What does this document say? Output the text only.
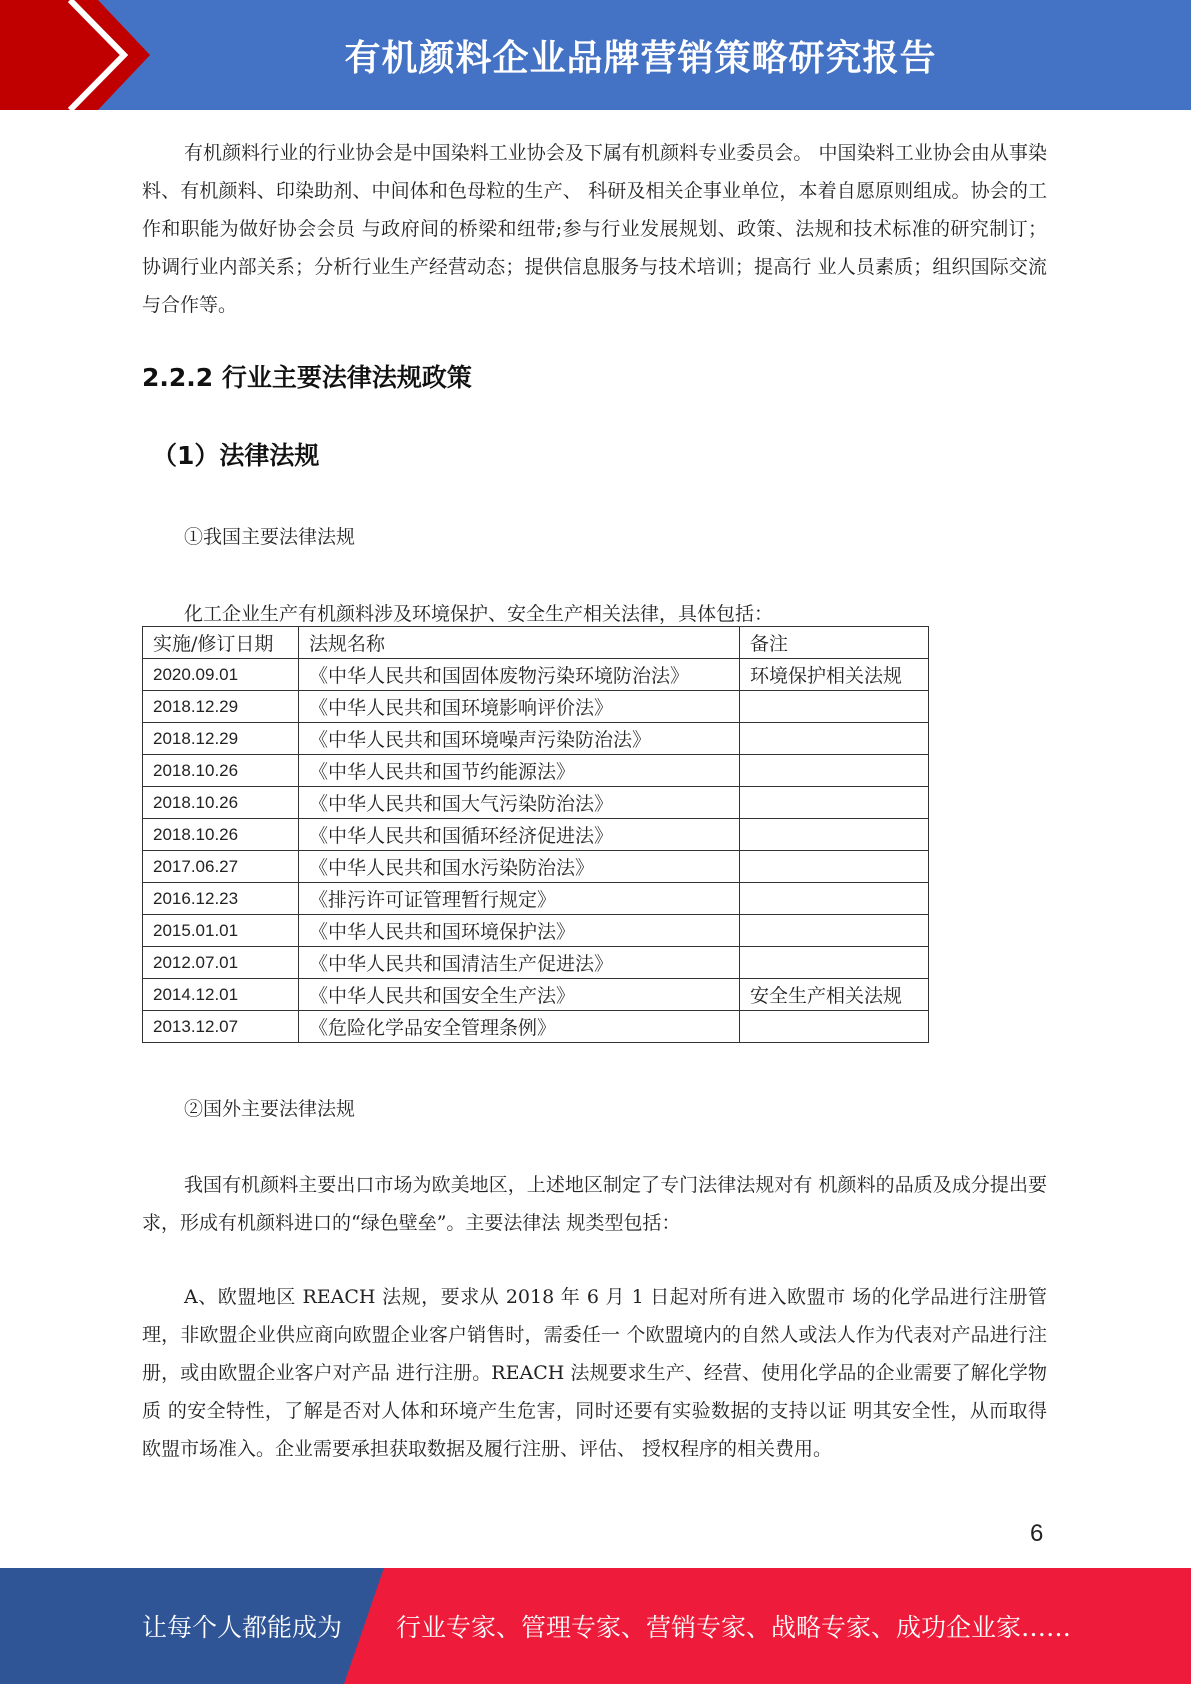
有机颜料企业品牌营销策略研究报告

有机颜料行业的行业协会是中国染料工业协会及下属有机颜料专业委员会。 中国染料工业协会由从事染料、有机颜料、印染助剂、中间体和色母粒的生产、 科研及相关企事业单位，本着自愿原则组成。协会的工作和职能为做好协会会员 与政府间的桥梁和纽带;参与行业发展规划、政策、法规和技术标准的研究制订； 协调行业内部关系；分析行业生产经营动态；提供信息服务与技术培训；提高行 业人员素质；组织国际交流与合作等。

2.2.2 行业主要法律法规政策
（1）法律法规
①我国主要法律法规
化工企业生产有机颜料涉及环境保护、安全生产相关法律，具体包括：
实施/修订日期	法规名称	备注
2020.09.01	《中华人民共和国固体废物污染环境防治法》	环境保护相关法规
2018.12.29	《中华人民共和国环境影响评价法》	
2018.12.29	《中华人民共和国环境噪声污染防治法》	
2018.10.26	《中华人民共和国节约能源法》	
2018.10.26	《中华人民共和国大气污染防治法》	
2018.10.26	《中华人民共和国循环经济促进法》	
2017.06.27	《中华人民共和国水污染防治法》	
2016.12.23	《排污许可证管理暂行规定》	
2015.01.01	《中华人民共和国环境保护法》	
2012.07.01	《中华人民共和国清洁生产促进法》	
2014.12.01	《中华人民共和国安全生产法》	安全生产相关法规
2013.12.07	《危险化学品安全管理条例》	
②国外主要法律法规

我国有机颜料主要出口市场为欧美地区，上述地区制定了专门法律法规对有 机颜料的品质及成分提出要求，形成有机颜料进口的“绿色壁垒”。主要法律法 规类型包括：

A、欧盟地区 REACH 法规，要求从 2018 年 6 月 1 日起对所有进入欧盟市 场的化学品进行注册管理，非欧盟企业供应商向欧盟企业客户销售时，需委任一 个欧盟境内的自然人或法人作为代表对产品进行注册，或由欧盟企业客户对产品 进行注册。REACH 法规要求生产、经营、使用化学品的企业需要了解化学物质 的安全特性，了解是否对人体和环境产生危害，同时还要有实验数据的支持以证 明其安全性，从而取得欧盟市场准入。企业需要承担获取数据及履行注册、评估、 授权程序的相关费用。

6
让每个人都能成为 行业专家、管理专家、营销专家、战略专家、成功企业家……
